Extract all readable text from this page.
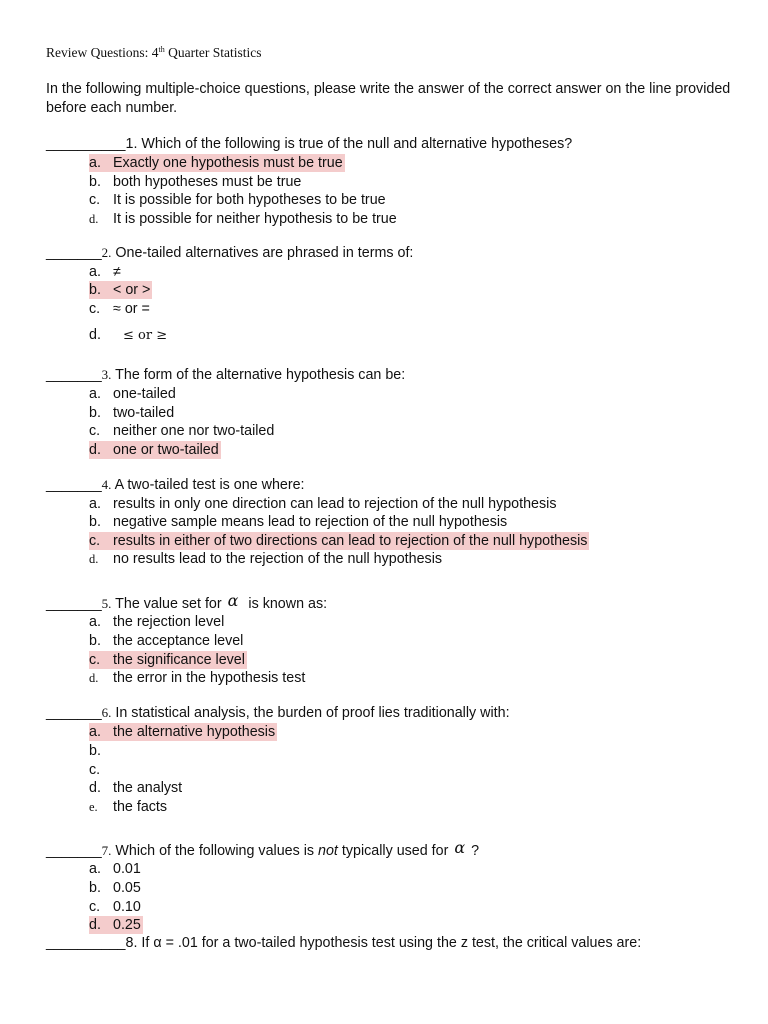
Review Questions: 4th Quarter Statistics
In the following multiple-choice questions, please write the answer of the correct answer on the line provided before each number.
__________1. Which of the following is true of the null and alternative hypotheses?
a. Exactly one hypothesis must be true
b. both hypotheses must be true
c. It is possible for both hypotheses to be true
d. It is possible for neither hypothesis to be true
_______2. One-tailed alternatives are phrased in terms of:
a. ≠
b. < or >
c. ≈ or =
d. ≤ or ≥
_______3. The form of the alternative hypothesis can be:
a. one-tailed
b. two-tailed
c. neither one nor two-tailed
d. one or two-tailed
_______4. A two-tailed test is one where:
a. results in only one direction can lead to rejection of the null hypothesis
b. negative sample means lead to rejection of the null hypothesis
c. results in either of two directions can lead to rejection of the null hypothesis
d. no results lead to the rejection of the null hypothesis
_______5. The value set for α is known as:
a. the rejection level
b. the acceptance level
c. the significance level
d. the error in the hypothesis test
_______6. In statistical analysis, the burden of proof lies traditionally with:
a. the alternative hypothesis
b.
c.
d. the analyst
e. the facts
_______7. Which of the following values is not typically used for α ?
a. 0.01
b. 0.05
c. 0.10
d. 0.25
__________8. If α = .01 for a two-tailed hypothesis test using the z test, the critical values are:
